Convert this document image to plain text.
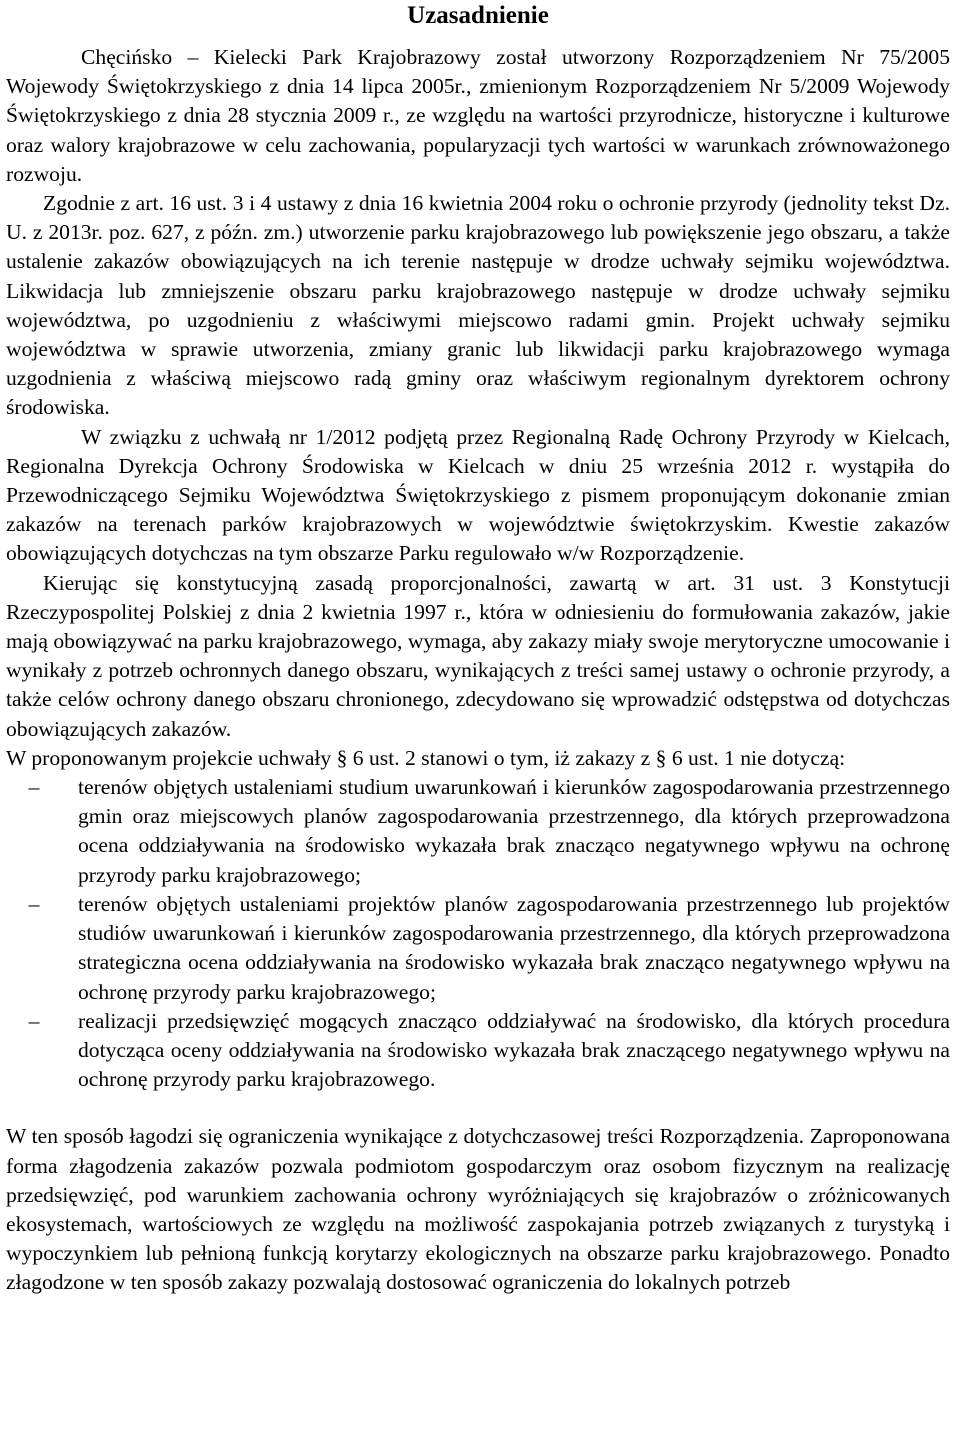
Uzasadnienie

Chęcińsko – Kielecki Park Krajobrazowy został utworzony Rozporządzeniem Nr 75/2005 Wojewody Świętokrzyskiego z dnia 14 lipca 2005r., zmienionym Rozporządzeniem Nr 5/2009 Wojewody Świętokrzyskiego z dnia 28 stycznia 2009 r., ze względu na wartości przyrodnicze, historyczne i kulturowe oraz walory krajobrazowe w celu zachowania, popularyzacji tych wartości w warunkach zrównoważonego rozwoju.

Zgodnie z art. 16 ust. 3 i 4 ustawy z dnia 16 kwietnia 2004 roku o ochronie przyrody (jednolity tekst Dz. U. z 2013r. poz. 627, z późn. zm.) utworzenie parku krajobrazowego lub powiększenie jego obszaru, a także ustalenie zakazów obowiązujących na ich terenie następuje w drodze uchwały sejmiku województwa. Likwidacja lub zmniejszenie obszaru parku krajobrazowego następuje w drodze uchwały sejmiku województwa, po uzgodnieniu z właściwymi miejscowo radami gmin. Projekt uchwały sejmiku województwa w sprawie utworzenia, zmiany granic lub likwidacji parku krajobrazowego wymaga uzgodnienia z właściwą miejscowo radą gminy oraz właściwym regionalnym dyrektorem ochrony środowiska.

W związku z uchwałą nr 1/2012 podjętą przez Regionalną Radę Ochrony Przyrody w Kielcach, Regionalna Dyrekcja Ochrony Środowiska w Kielcach w dniu 25 września 2012 r. wystąpiła do Przewodniczącego Sejmiku Województwa Świętokrzyskiego z pismem proponującym dokonanie zmian zakazów na terenach parków krajobrazowych w województwie świętokrzyskim. Kwestie zakazów obowiązujących dotychczas na tym obszarze Parku regulowało w/w Rozporządzenie.

Kierując się konstytucyjną zasadą proporcjonalności, zawartą w art. 31 ust. 3 Konstytucji Rzeczypospolitej Polskiej z dnia 2 kwietnia 1997 r., która w odniesieniu do formułowania zakazów, jakie mają obowiązywać na parku krajobrazowego, wymaga, aby zakazy miały swoje merytoryczne umocowanie i wynikały z potrzeb ochronnych danego obszaru, wynikających z treści samej ustawy o ochronie przyrody, a także celów ochrony danego obszaru chronionego, zdecydowano się wprowadzić odstępstwa od dotychczas obowiązujących zakazów.

W proponowanym projekcie uchwały § 6 ust. 2 stanowi o tym, iż zakazy z § 6 ust. 1 nie dotyczą:

–	terenów objętych ustaleniami studium uwarunkowań i kierunków zagospodarowania przestrzennego gmin oraz miejscowych planów zagospodarowania przestrzennego, dla których przeprowadzona ocena oddziaływania na środowisko wykazała brak znacząco negatywnego wpływu na ochronę przyrody parku krajobrazowego;
–	terenów objętych ustaleniami projektów planów zagospodarowania przestrzennego lub projektów studiów uwarunkowań i kierunków zagospodarowania przestrzennego, dla których przeprowadzona strategiczna ocena oddziaływania na środowisko wykazała brak znacząco negatywnego wpływu na ochronę przyrody parku krajobrazowego;
–	realizacji przedsięwzięć mogących znacząco oddziaływać na środowisko, dla których procedura dotycząca oceny oddziaływania na środowisko wykazała brak znaczącego negatywnego wpływu na ochronę przyrody parku krajobrazowego.

W ten sposób łagodzi się ograniczenia wynikające z dotychczasowej treści Rozporządzenia. Zaproponowana forma złagodzenia zakazów pozwala podmiotom gospodarczym oraz osobom fizycznym na realizację przedsięwzięć, pod warunkiem zachowania ochrony wyróżniających się krajobrazów o zróżnicowanych ekosystemach, wartościowych ze względu na możliwość zaspokajania potrzeb związanych z turystyką i wypoczynkiem lub pełnioną funkcją korytarzy ekologicznych na obszarze parku krajobrazowego. Ponadto złagodzone w ten sposób zakazy pozwalają dostosować ograniczenia do lokalnych potrzeb
